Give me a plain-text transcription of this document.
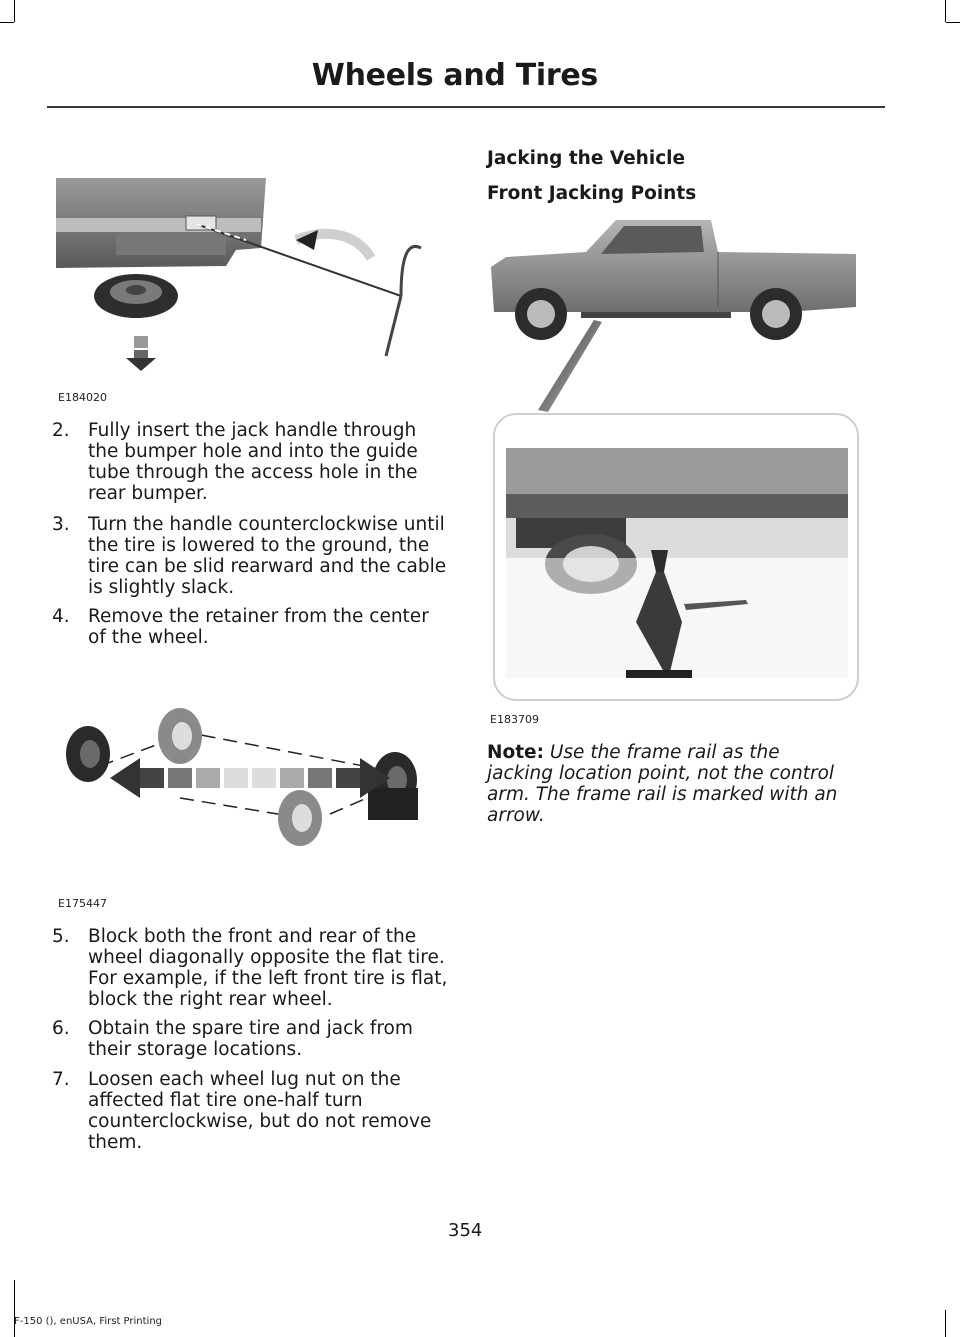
Wheels and Tires
E184020
2. Fully insert the jack handle through the bumper hole and into the guide tube through the access hole in the rear bumper.
3. Turn the handle counterclockwise until the tire is lowered to the ground, the tire can be slid rearward and the cable is slightly slack.
4. Remove the retainer from the center of the wheel.
E175447
5. Block both the front and rear of the wheel diagonally opposite the flat tire. For example, if the left front tire is flat, block the right rear wheel.
6. Obtain the spare tire and jack from their storage locations.
7. Loosen each wheel lug nut on the affected flat tire one-half turn counterclockwise, but do not remove them.
Jacking the Vehicle
Front Jacking Points
E183709
Note: Use the frame rail as the jacking location point, not the control arm. The frame rail is marked with an arrow.
354
F-150 (), enUSA, First Printing
